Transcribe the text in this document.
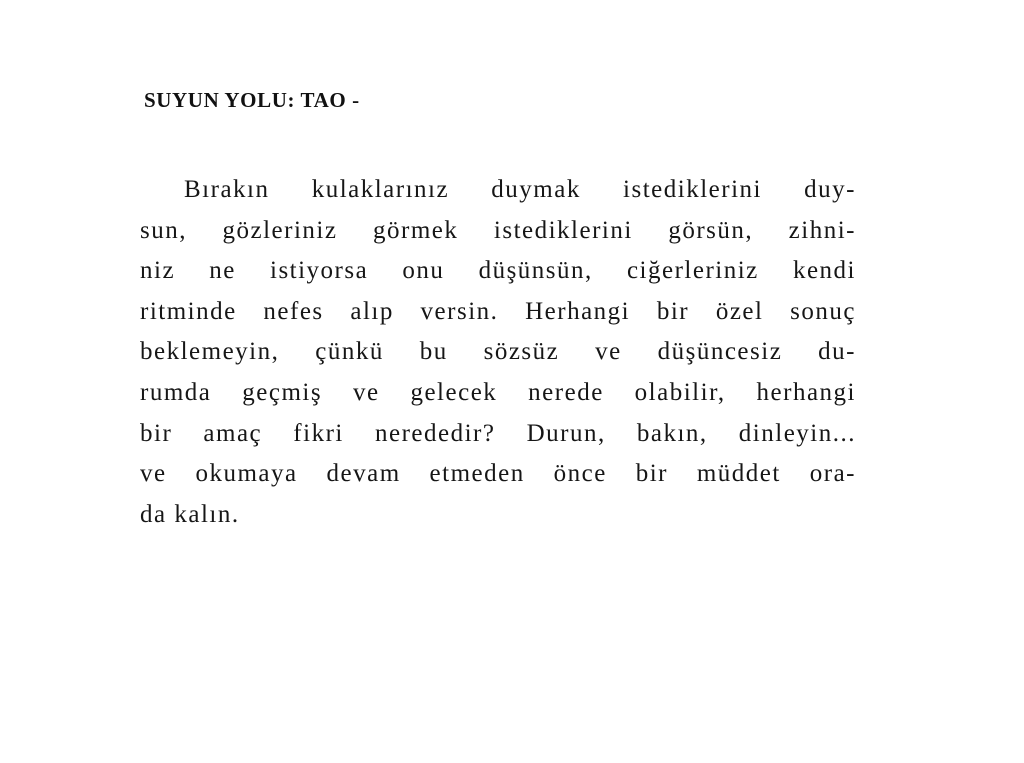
SUYUN YOLU: TAO -
Bırakın kulaklarınız duymak istediklerini duy-
sun, gözleriniz görmek istediklerini görsün, zihni-
niz ne istiyorsa onu düşünsün, ciğerleriniz kendi
ritminde nefes alıp versin. Herhangi bir özel sonuç
beklemeyin, çünkü bu sözsüz ve düşüncesiz du-
rumda geçmiş ve gelecek nerede olabilir, herhangi
bir amaç fikri nerededir? Durun, bakın, dinleyin...
ve okumaya devam etmeden önce bir müddet ora-
da kalın.
